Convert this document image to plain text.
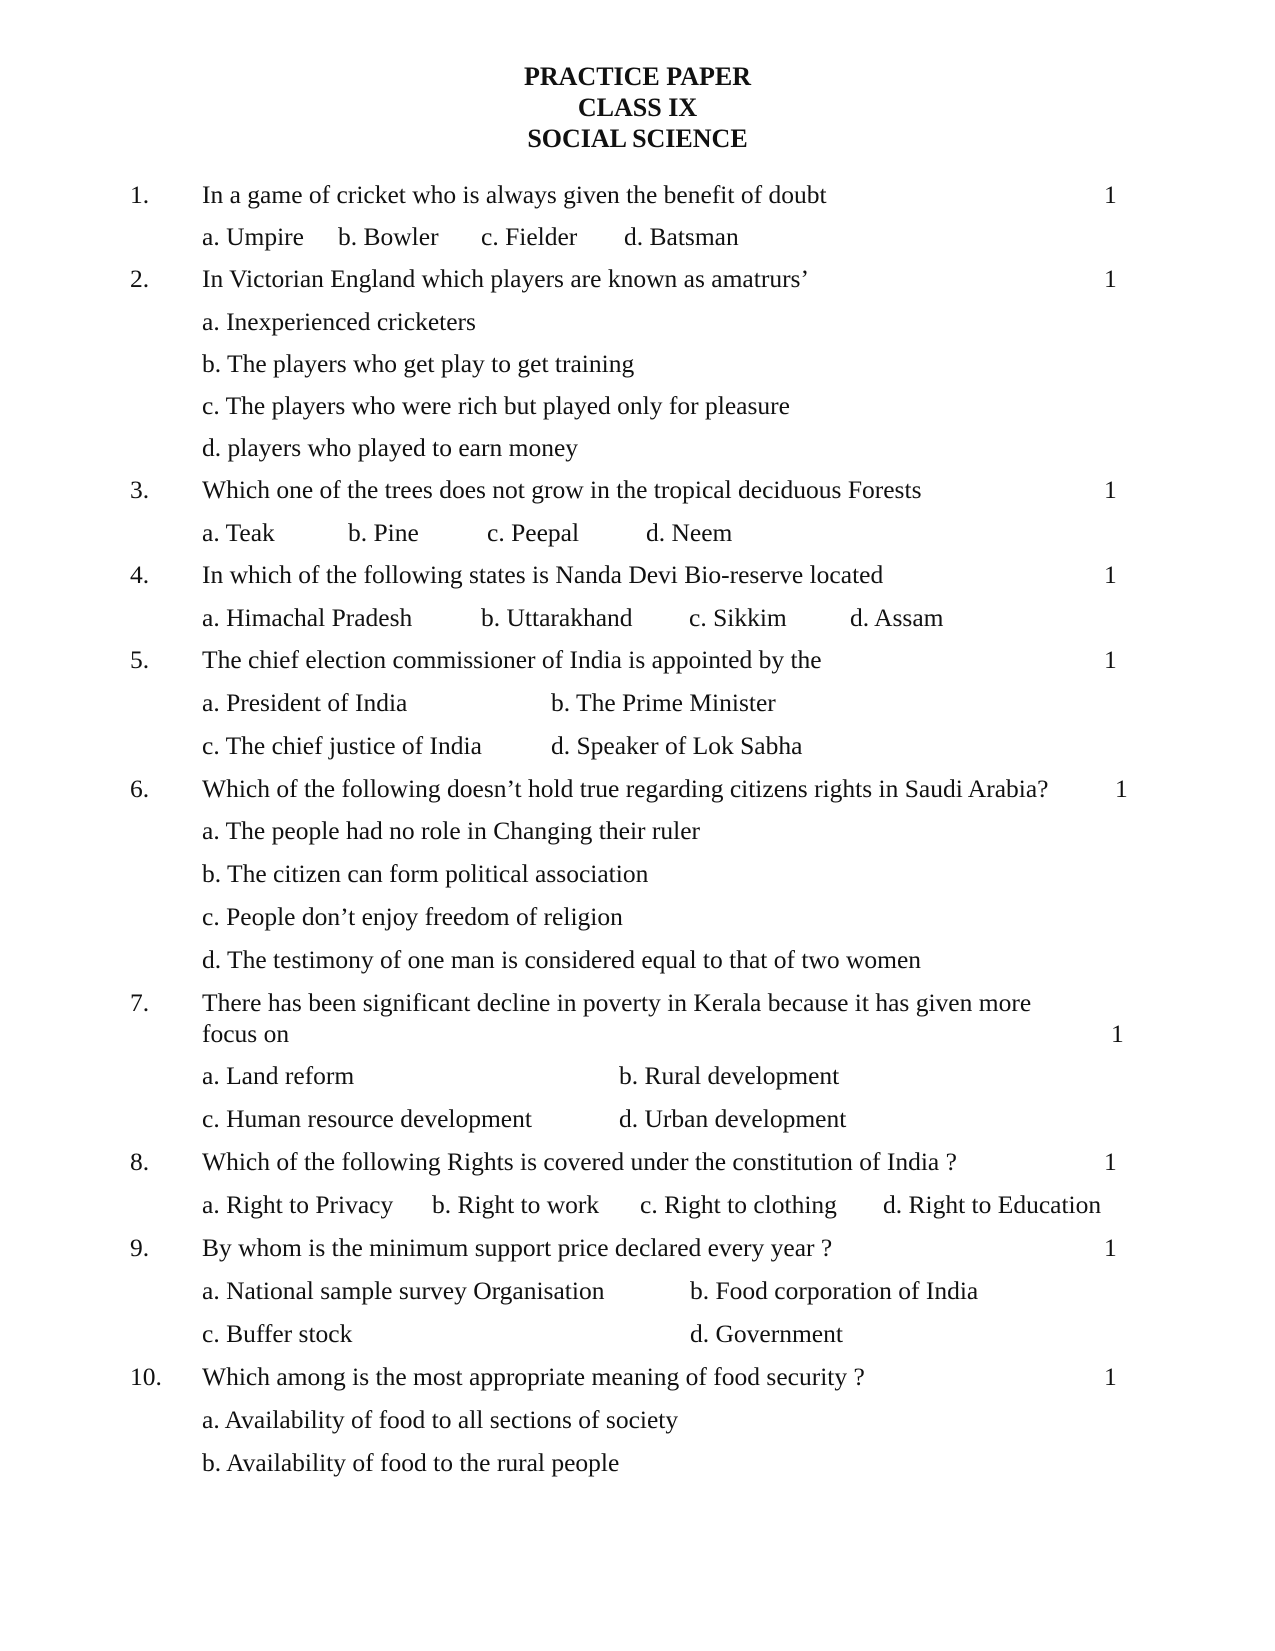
PRACTICE PAPER
CLASS IX
SOCIAL SCIENCE
1. In a game of cricket who is always given the benefit of doubt	1
a. Umpire b. Bowler c. Fielder d. Batsman
2. In Victorian England which players are known as amatrurs’	1
a. Inexperienced cricketers
b. The players who get play to get training
c. The players who were rich but played only for pleasure
d. players who played to earn money
3. Which one of the trees does not grow in the tropical deciduous Forests	1
a. Teak	b. Pine	c. Peepal	d. Neem
4. In which of the following states is Nanda Devi Bio-reserve located	1
a. Himachal Pradesh	b. Uttarakhand c. Sikkim d. Assam
5. The chief election commissioner of India is appointed by the	1
a. President of India	b. The Prime Minister
c. The chief justice of India	d. Speaker of Lok Sabha
6. Which of the following doesn’t hold true regarding citizens rights in Saudi Arabia?	1
a. The people had no role in Changing their ruler
b. The citizen can form political association
c. People don’t enjoy freedom of religion
d. The testimony of one man is considered equal to that of two women
7. There has been significant decline in poverty in Kerala because it has given more
focus on	1
a. Land reform	b. Rural development
c. Human resource development	d. Urban development
8. Which of the following Rights is covered under the constitution of India ?	1
a. Right to Privacy b. Right to work c. Right to clothing d. Right to Education
9. By whom is the minimum support price declared every year ?	1
a. National sample survey Organisation	b. Food corporation of India
c. Buffer stock	d. Government
10. Which among is the most appropriate meaning of food security ?	1
a. Availability of food to all sections of society
b. Availability of food to the rural people
